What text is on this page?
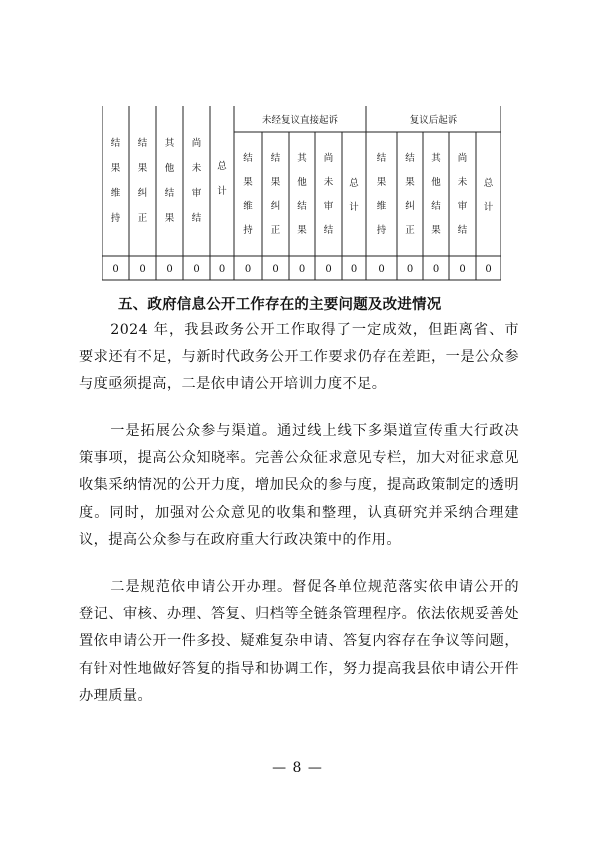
结
果
维
持
结
果
纠
正
其
他
结
果
尚
未
审
结
总
计
未经复议直接起诉	复议后起诉
结
果
维
持
结
果
纠
正
其
他
结
果
尚
未
审
结
总
计
结
果
维
持
结
果
纠
正
其
他
结
果
尚
未
审
结
总
计
0 0 0 0 0 0 0 0 0 0 0 0 0 0 0
五、政府信息公开工作存在的主要问题及改进情况

2024 年，我县政务公开工作取得了一定成效，但距离省、市要求还有不足，与新时代政务公开工作要求仍存在差距，一是公众参与度亟须提高，二是依申请公开培训力度不足。

一是拓展公众参与渠道。通过线上线下多渠道宣传重大行政决策事项，提高公众知晓率。完善公众征求意见专栏，加大对征求意见收集采纳情况的公开力度，增加民众的参与度，提高政策制定的透明度。同时，加强对公众意见的收集和整理，认真研究并采纳合理建议，提高公众参与在政府重大行政决策中的作用。

二是规范依申请公开办理。督促各单位规范落实依申请公开的登记、审核、办理、答复、归档等全链条管理程序。依法依规妥善处置依申请公开一件多投、疑难复杂申请、答复内容存在争议等问题，有针对性地做好答复的指导和协调工作，努力提高我县依申请公开件办理质量。

— 8 —
